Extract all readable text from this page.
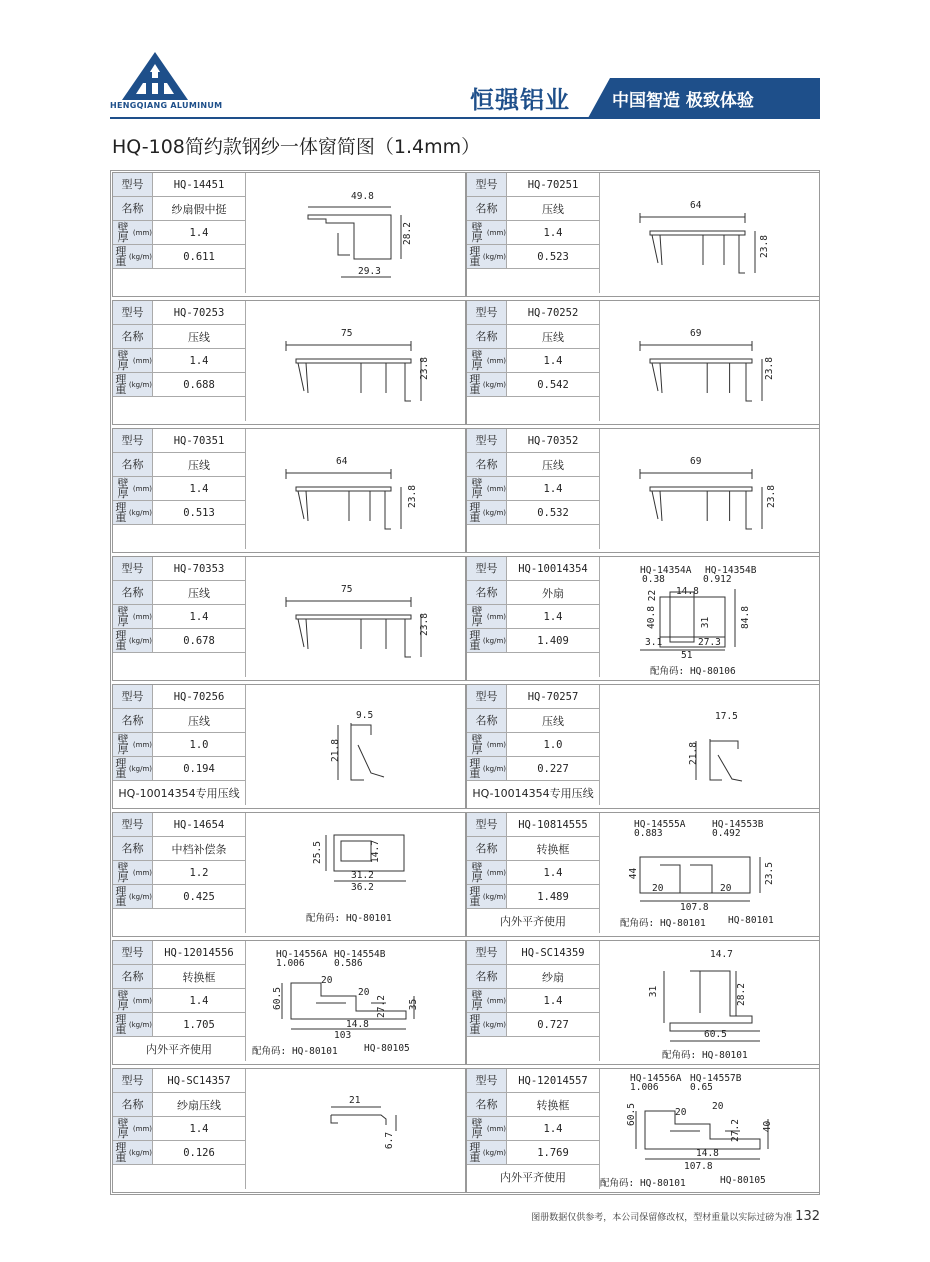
HENGQIANG ALUMINUM	恒强铝业 中国智造 极致体验
HQ-108简约款钢纱一体窗简图（1.4mm）
型号	HQ-14451
名称	纱扇假中挺
壁厚 (mm)	1.4
理重 (kg/m)	0.611
49.8
28.2
29.3
型号	HQ-70251
名称	压线
壁厚 (mm)	1.4
理重 (kg/m)	0.523
64
23.8
型号	HQ-70253
名称	压线
壁厚 (mm)	1.4
理重 (kg/m)	0.688
75
23.8
型号	HQ-70252
名称	压线
壁厚 (mm)	1.4
理重 (kg/m)	0.542
69
23.8
型号	HQ-70351
名称	压线
壁厚 (mm)	1.4
理重 (kg/m)	0.513
64
23.8
型号	HQ-70352
名称	压线
壁厚 (mm)	1.4
理重 (kg/m)	0.532
69
23.8
型号	HQ-70353
名称	压线
壁厚 (mm)	1.4
理重 (kg/m)	0.678
75
23.8
型号	HQ-10014354
名称	外扇
壁厚 (mm)	1.4
理重 (kg/m)	1.409
HQ-14354A HQ-14354B
0.38	0.912
14.8
22
40.8	31	84.8
3.1	27.3
51
配角码: HQ-80106
型号	HQ-70256
名称	压线
壁厚 (mm)	1.0
理重 (kg/m)	0.194
HQ-10014354专用压线
9.5
21.8
型号	HQ-70257
名称	压线
壁厚 (mm)	1.0
理重 (kg/m)	0.227
HQ-10014354专用压线
17.5
21.8
型号	HQ-14654
名称	中档补偿条
壁厚 (mm)	1.2
理重 (kg/m)	0.425
25.5	14.7
31.2
36.2
配角码: HQ-80101
型号	HQ-10814555
名称	转换框
壁厚 (mm)	1.4
理重 (kg/m)	1.489
内外平齐使用
HQ-14555A	HQ-14553B
0.883	0.492
44
20	20
23.5
107.8
配角码: HQ-80101 HQ-80101
型号	HQ-12014556
名称	转换框
壁厚 (mm)	1.4
理重 (kg/m)	1.705
内外平齐使用
HQ-14556A HQ-14554B
1.006	0.586
60.5
20
20
27.2 35
14.8
103
配角码: HQ-80101	HQ-80105
型号	HQ-SC14359
名称	纱扇
壁厚 (mm)	1.4
理重 (kg/m)	0.727
14.7
31	28.2
60.5
配角码: HQ-80101
型号	HQ-SC14357
名称	纱扇压线
壁厚 (mm)	1.4
理重 (kg/m)	0.126
21
6.7
型号	HQ-12014557
名称	转换框
壁厚 (mm)	1.4
理重 (kg/m)	1.769
内外平齐使用
HQ-14556A HQ-14557B
1.006	0.65
60.5	20
20
27.2 40
14.8
107.8
配角码: HQ-80101	HQ-80105
图册数据仅供参考，本公司保留修改权，型材重量以实际过磅为准 132
